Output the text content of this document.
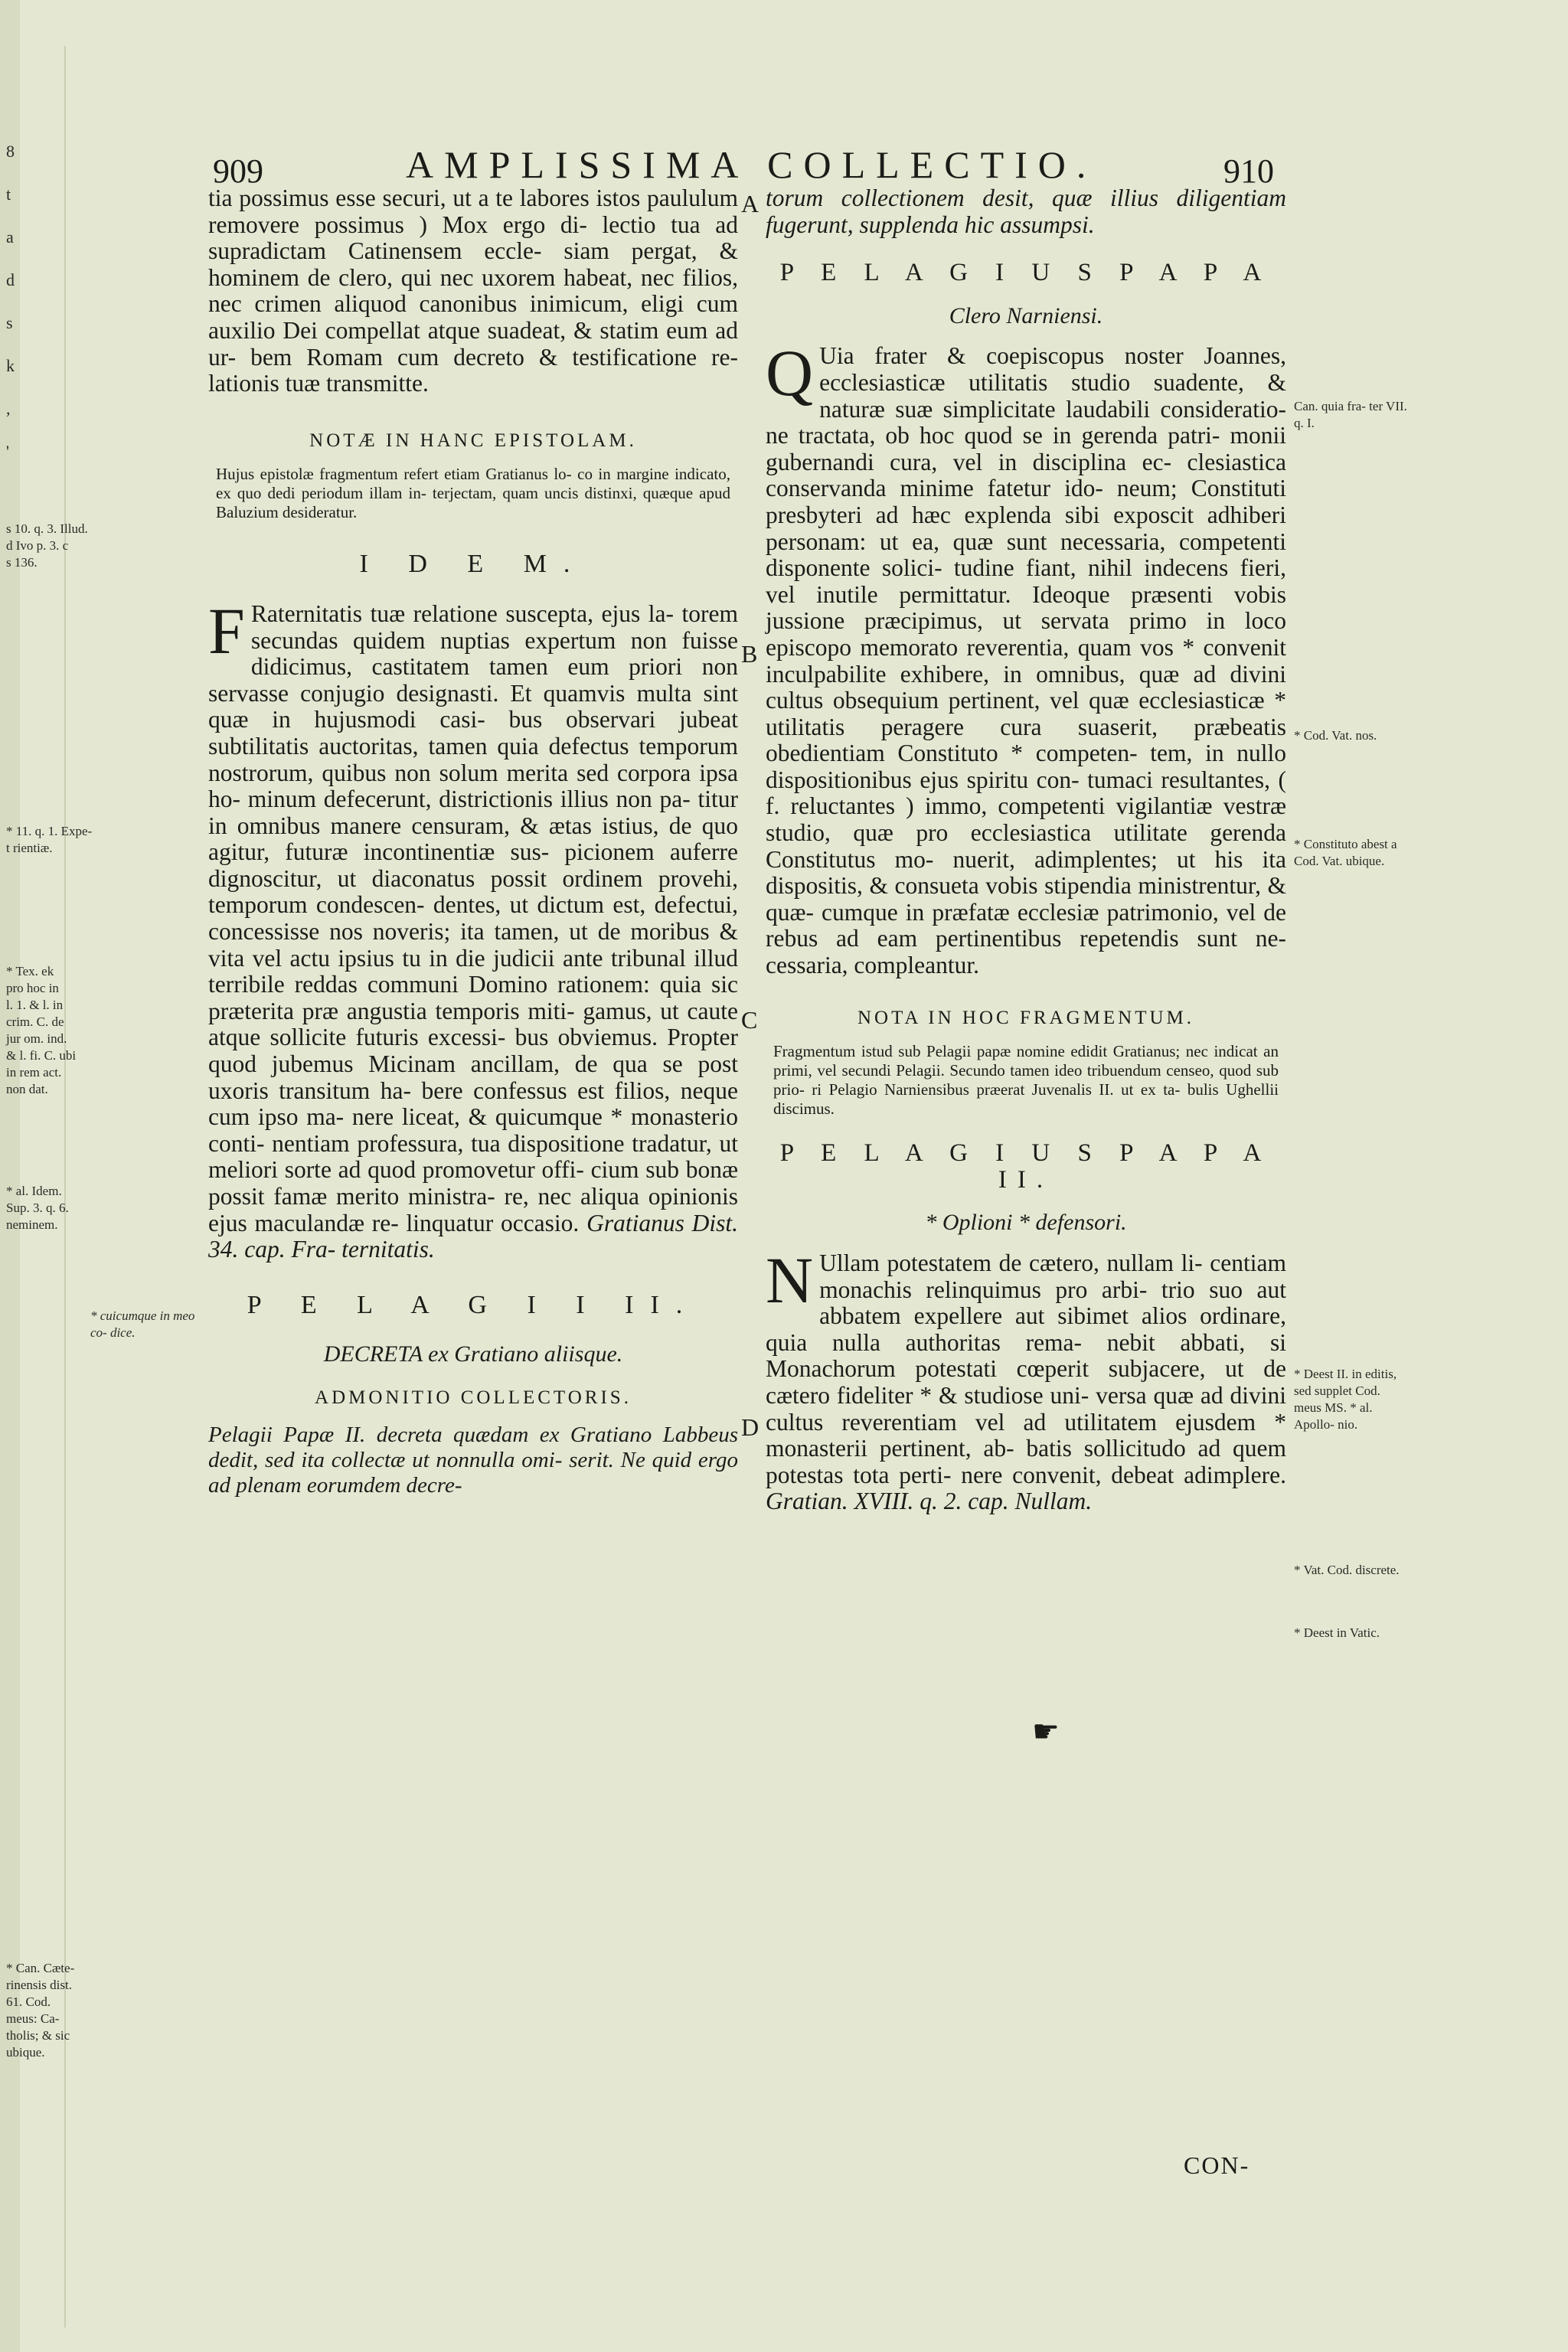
8
t
a
d
s
k
,
'
s 10. q. 3. Illud.
d Ivo p. 3. c
s 136.
* 11. q. 1. Expe-
t rientiæ.
* Tex. ek
pro hoc in
l. 1. & l. in
crim. C. de
jur om. ind.
& l. fi. C. ubi
in rem act.
non dat.
* al. Idem.
Sup. 3. q. 6.
neminem.
* Can. Cæte-
rinensis dist.
61. Cod.
meus: Ca-
tholis; & sic
ubique.
909	AMPLISSIMA COLLECTIO.	910

tia possimus esse securi, ut a te labores istos paululum removere possimus ) Mox ergo di- lectio tua ad supradictam Catinensem eccle- siam pergat, & hominem de clero, qui nec uxorem habeat, nec filios, nec crimen aliquod canonibus inimicum, eligi cum auxilio Dei compellat atque suadeat, & statim eum ad ur- bem Romam cum decreto & testificatione re- lationis tuæ transmitte.

NOTÆ IN HANC EPISTOLAM.

Hujus epistolæ fragmentum refert etiam Gratianus lo- co in margine indicato, ex quo dedi periodum illam in- terjectam, quam uncis distinxi, quæque apud Baluzium desideratur.

I D E M.

F Raternitatis tuæ relatione suscepta, ejus la- torem secundas quidem nuptias expertum non fuisse didicimus, castitatem tamen eum priori non servasse conjugio designasti. Et quamvis multa sint quæ in hujusmodi casi- bus observari jubeat subtilitatis auctoritas, tamen quia defectus temporum nostrorum, quibus non solum merita sed corpora ipsa ho- minum defecerunt, districtionis illius non pa- titur in omnibus manere censuram, & ætas istius, de quo agitur, futuræ incontinentiæ sus- picionem auferre dignoscitur, ut diaconatus possit ordinem provehi, temporum condescen- dentes, ut dictum est, defectui, concessisse nos noveris; ita tamen, ut de moribus & vita vel actu ipsius tu in die judicii ante tribunal illud terribile reddas communi Domino rationem: quia sic præterita præ angustia temporis miti- gamus, ut caute atque sollicite futuris excessi- bus obviemus. Propter quod jubemus Micinam ancillam, de qua se post uxoris transitum ha- bere confessus est filios, neque cum ipso ma- nere liceat, & quicumque * monasterio conti- nentiam professura, tua dispositione tradatur, ut meliori sorte ad quod promovetur offi- cium sub bonæ possit famæ merito ministra- re, nec aliqua opinionis ejus maculandæ re- linquatur occasio. Gratianus Dist. 34. cap. Fra- ternitatis.

P E L A G I I II.

DECRETA ex Gratiano aliisque.

ADMONITIO COLLECTORIS.

Pelagii Papæ II. decreta quædam ex Gratiano Labbeus dedit, sed ita collectæ ut nonnulla omi- serit. Ne quid ergo ad plenam eorumdem decre-

torum collectionem desit, quæ illius diligentiam fugerunt, supplenda hic assumpsi.

P E L A G I U S P A P A

Clero Narniensi.

Q Uia frater & coepiscopus noster Joannes, ecclesiasticæ utilitatis studio suadente, & naturæ suæ simplicitate laudabili consideratio- ne tractata, ob hoc quod se in gerenda patri- monii gubernandi cura, vel in disciplina ec- clesiastica conservanda minime fatetur ido- neum; Constituti presbyteri ad hæc explenda sibi exposcit adhiberi personam: ut ea, quæ sunt necessaria, competenti disponente solici- tudine fiant, nihil indecens fieri, vel inutile permittatur. Ideoque præsenti vobis jussione præcipimus, ut servata primo in loco episcopo memorato reverentia, quam vos * convenit inculpabilite exhibere, in omnibus, quæ ad divini cultus obsequium pertinent, vel quæ ecclesiasticæ * utilitatis peragere cura suaserit, præbeatis obedientiam Constituto * competen- tem, in nullo dispositionibus ejus spiritu con- tumaci resultantes, ( f. reluctantes ) immo, competenti vigilantiæ vestræ studio, quæ pro ecclesiastica utilitate gerenda Constitutus mo- nuerit, adimplentes; ut his ita dispositis, & consueta vobis stipendia ministrentur, & quæ- cumque in præfatæ ecclesiæ patrimonio, vel de rebus ad eam pertinentibus repetendis sunt ne- cessaria, compleantur.

NOTA IN HOC FRAGMENTUM.

Fragmentum istud sub Pelagii papæ nomine edidit Gratianus; nec indicat an primi, vel secundi Pelagii. Secundo tamen ideo tribuendum censeo, quod sub prio- ri Pelagio Narniensibus præerat Juvenalis II. ut ex ta- bulis Ughellii discimus.

P E L A G I U S P A P A II.

* Oplioni * defensori.

N Ullam potestatem de cætero, nullam li- centiam monachis relinquimus pro arbi- trio suo aut abbatem expellere aut sibimet alios ordinare, quia nulla authoritas rema- nebit abbati, si Monachorum potestati cœperit subjacere, ut de cætero fideliter * & studiose uni- versa quæ ad divini cultus reverentiam vel ad utilitatem ejusdem * monasterii pertinent, ab- batis sollicitudo ad quem potestas tota perti- nere convenit, debeat adimplere. Gratian. XVIII. q. 2. cap. Nullam.

A
B
C
D
Can. quia fra- ter VII. q. I.
* Cod. Vat. nos.
* Constituto abest a Cod. Vat. ubique.
* Deest II. in editis, sed supplet Cod. meus MS. * al. Apollo- nio.
* Vat. Cod. discrete.
* Deest in Vatic.
* cuicumque in meo co- dice.
☛
CON-
